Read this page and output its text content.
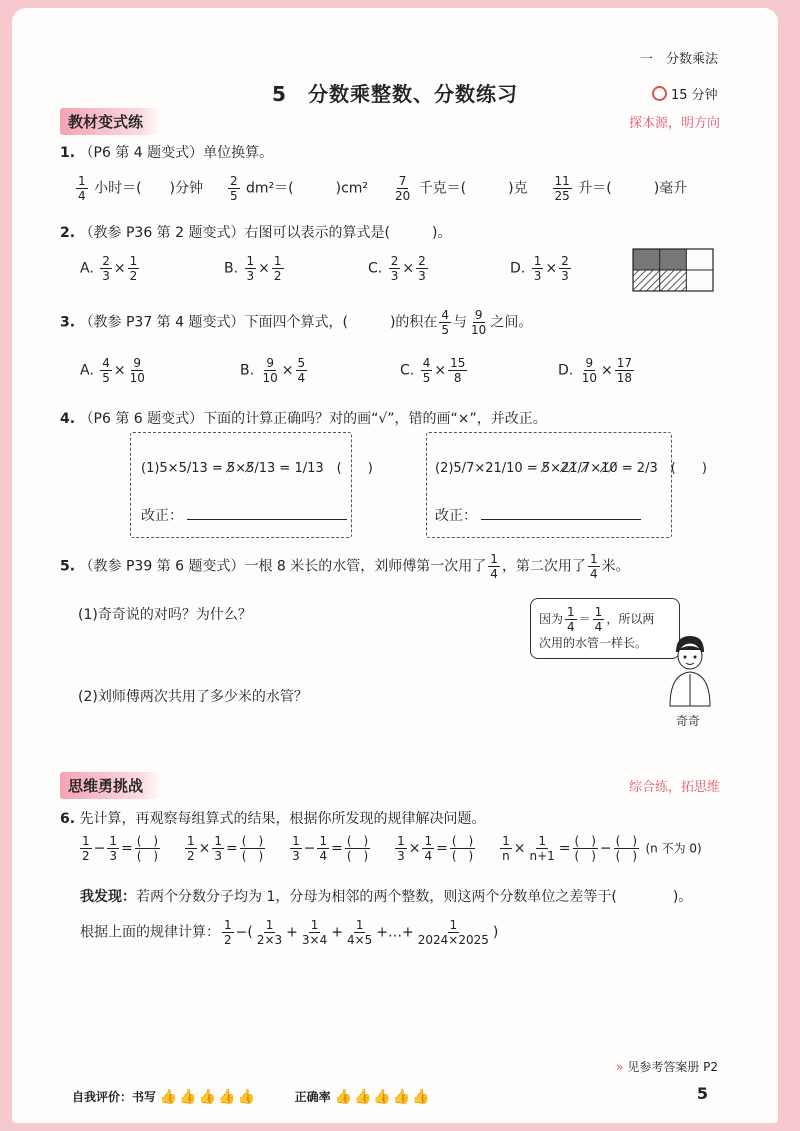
一　分数乘法
5　分数乘整数、分数练习	15 分钟
教材变式练	探本源，明方向
1. （P6 第 4 题变式）单位换算。
$\frac{1}{4}$ 小时＝(　　)分钟 $\frac{2}{5} dm^2=$(　　　)$cm^2 \frac{7}{20}$ 千克＝(　　　)克 $\frac{11}{25}$ 升＝(　　　)毫升
2. （教参 P36 第 2 题变式）右图可以表示的算式是(　　　)。
A. $\frac{2}{3} \times \frac{1}{2}$	B. $\frac{1}{3} \times \frac{1}{2}$	C. $\frac{2}{3} \times \frac{2}{3}$	D. $\frac{1}{3} \times \frac{2}{3}$
3. （教参 P37 第 4 题变式）下面四个算式，(　　　)的积在 $\frac{4}{5}$ 与 $\frac{9}{10}$ 之间。
A. $\frac{4}{5} \times \frac{9}{10}$	B. $\frac{9}{10} \times \frac{5}{4}$	C. $\frac{4}{5} \times \frac{15}{8}$	D. $\frac{9}{10} \times \frac{17}{18}$
4. （P6 第 6 题变式）下面的计算正确吗？对的画“√”，错的画“×”，并改正。
(1)5×5/13 = 5̸×5̸/13 = 1/13　 (　　)
改正：
(2)5/7×21/10 = 5̸×2̸1̸/7̸×1̸0̸ = 2/3　 (　　)
改正：
5. （教参 P39 第 6 题变式）一根 8 米长的水管，刘师傅第一次用了 $\frac{1}{4}$ ，第二次用了 $\frac{1}{4}$ 米。
(1)奇奇说的对吗？为什么？
(2)刘师傅两次共用了多少米的水管？
因为 $\frac{1}{4} = \frac{1}{4}$ ，所以两
次用的水管一样长。
奇奇
思维勇挑战	综合练，拓思维
6. 先计算，再观察每组算式的结果，根据你所发现的规律解决问题。
$\frac{1}{2} - \frac{1}{3} = \frac{( )}{( )}$
$\frac{1}{2} \times \frac{1}{3} = \frac{( )}{( )}$
$\frac{1}{3} - \frac{1}{4} = \frac{( )}{( )}$
$\frac{1}{3} \times \frac{1}{4} = \frac{( )}{( )}$
$\frac{1}{n} \times \frac{1}{n+1} = \frac{( )}{( )} - \frac{( )}{( )} (n$ 不为 0)
我发现：若两个分数分子均为 1，分母为相邻的两个整数，则这两个分数单位之差等于(　　　　)。
根据上面的规律计算： $\frac{1}{2}$ −( $\frac{1}{2\times 3} + \frac{1}{3\times 4} + \frac{1}{4\times 5}$ +…+ $\frac{1}{2024\times 2025}$ )
» 见参考答案册 P2
自我评价：书写 👍👍👍👍👍	正确率 👍👍👍👍👍	5
